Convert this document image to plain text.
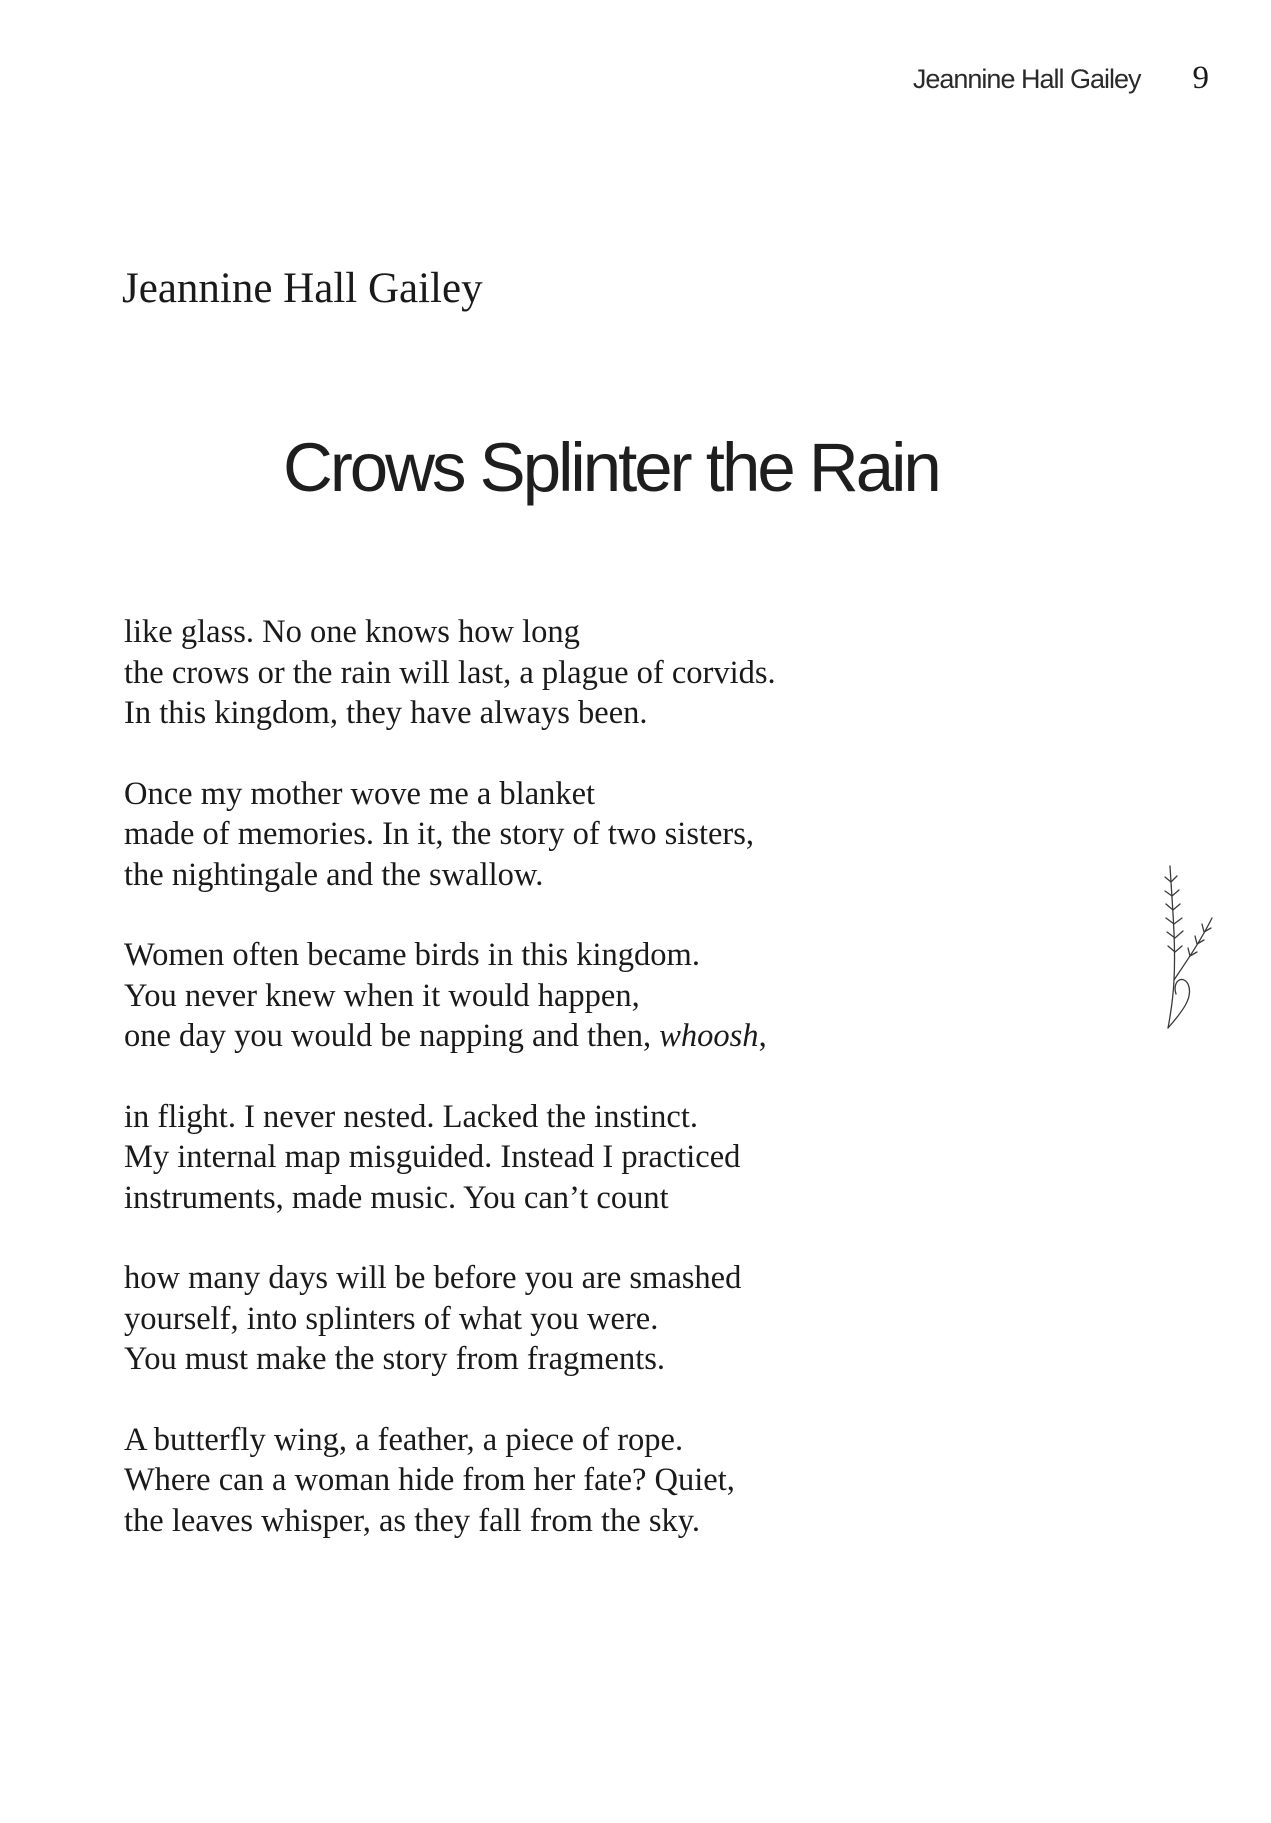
Jeannine Hall Gailey 9
Jeannine Hall Gailey
Crows Splinter the Rain

like glass. No one knows how long
the crows or the rain will last, a plague of corvids.
In this kingdom, they have always been.

Once my mother wove me a blanket
made of memories. In it, the story of two sisters,
the nightingale and the swallow.

Women often became birds in this kingdom.
You never knew when it would happen,
one day you would be napping and then, whoosh,

in flight. I never nested. Lacked the instinct.
My internal map misguided. Instead I practiced
instruments, made music. You can’t count

how many days will be before you are smashed
yourself, into splinters of what you were.
You must make the story from fragments.

A butterfly wing, a feather, a piece of rope.
Where can a woman hide from her fate? Quiet,
the leaves whisper, as they fall from the sky.
